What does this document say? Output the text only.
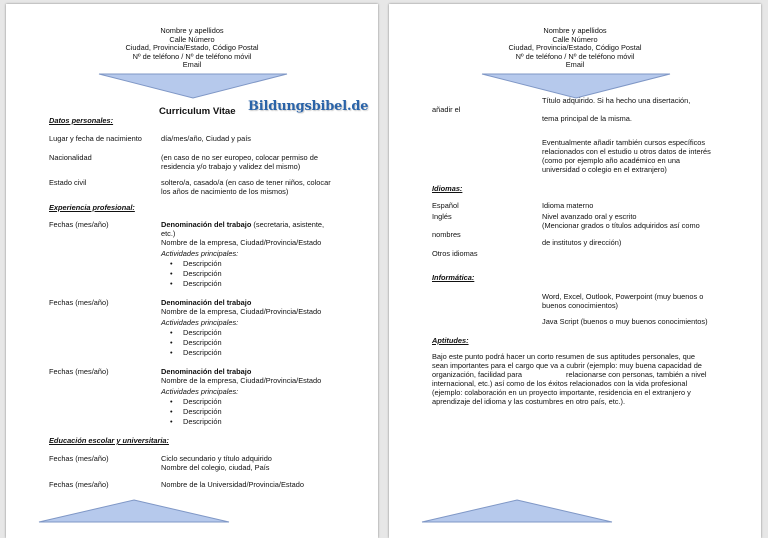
Nombre y apellidos
Calle Número
Ciudad, Provincia/Estado, Código Postal
Nº de teléfono / Nº de teléfono móvil
Email
Curriculum Vitae Bildungsbibel.de
Datos personales:
Lugar y fecha de nacimiento	día/mes/año, Ciudad y país
Nacionalidad	(en caso de no ser europeo, colocar permiso de
residencia y/o trabajo y validez del mismo)
Estado civil	soltero/a, casado/a (en caso de tener niños, colocar
los años de nacimiento de los mismos)
Experiencia profesional:
Fechas (mes/año)	Denominación del trabajo (secretaria, asistente,
etc.)
Nombre de la empresa, Ciudad/Provincia/Estado
Actividades principales:
• Descripción
• Descripción
• Descripción
Fechas (mes/año)	Denominación del trabajo
Nombre de la empresa, Ciudad/Provincia/Estado
Actividades principales:
• Descripción
• Descripción
• Descripción
Fechas (mes/año)	Denominación del trabajo
Nombre de la empresa, Ciudad/Provincia/Estado
Actividades principales:
• Descripción
• Descripción
• Descripción
Educación escolar y universitaria:
Fechas (mes/año)	Ciclo secundario y título adquirido
Nombre del colegio, ciudad, País
Fechas (mes/año)	Nombre de la Universidad/Provincia/Estado
Nombre y apellidos
Calle Número
Ciudad, Provincia/Estado, Código Postal
Nº de teléfono / Nº de teléfono móvil
Email
Título adquirido. Si ha hecho una disertación,
añadir el
tema principal de la misma.
Eventualmente añadir también cursos específicos
relacionados con el estudio u otros datos de interés
(como por ejemplo año académico en una
universidad o colegio en el extranjero)
Idiomas:
Español	Idioma materno
Inglés	Nivel avanzado oral y escrito
(Mencionar grados o títulos adquiridos así como
nombres
de institutos y dirección)
Otros idiomas
Informática:
Word, Excel, Outlook, Powerpoint (muy buenos o
buenos conocimientos)
Java Script (buenos o muy buenos conocimientos)
Aptitudes:
Bajo este punto podrá hacer un corto resumen de sus aptitudes personales, que
sean importantes para el cargo que va a cubrir (ejemplo: muy buena capacidad de
organización, facilidad para	relacionarse con personas, también a nivel
internacional, etc.) así como de los éxitos relacionados con la vida profesional
(ejemplo: colaboración en un proyecto importante, residencia en el extranjero y
aprendizaje del idioma y las costumbres en otro país, etc.).
